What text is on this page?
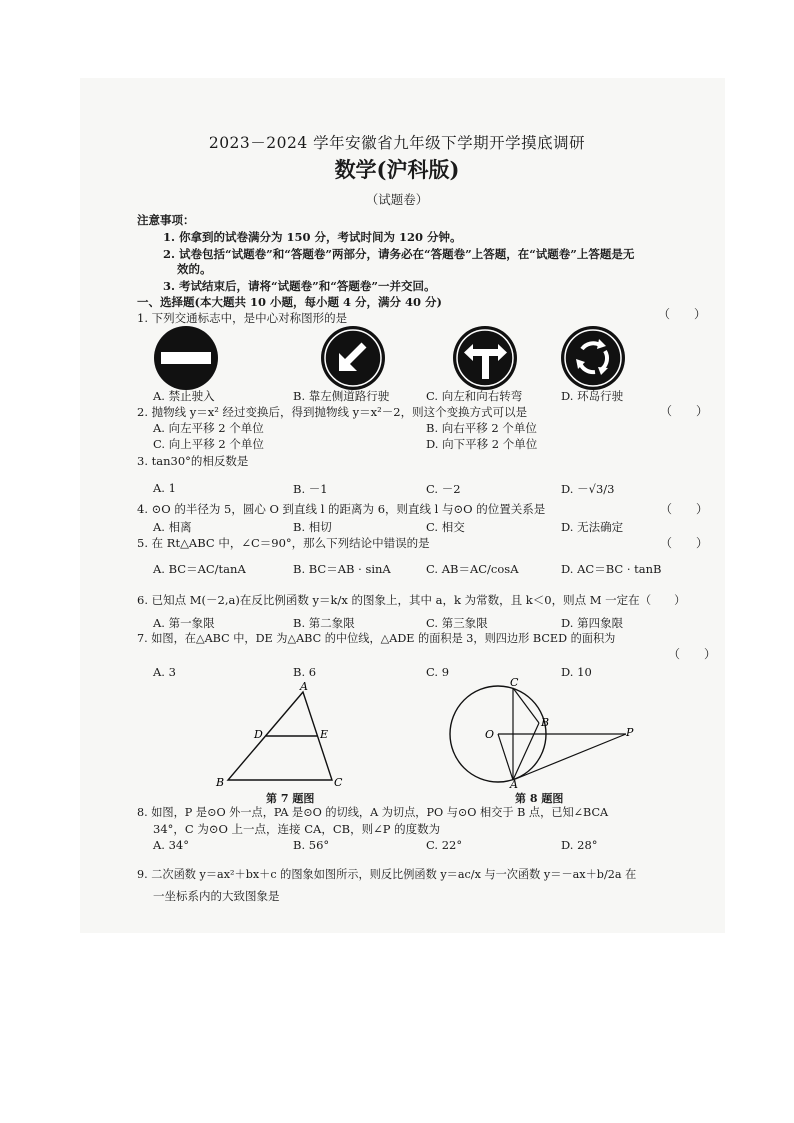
2023－2024 学年安徽省九年级下学期开学摸底调研
数学(沪科版)
（试题卷）
注意事项：
1. 你拿到的试卷满分为 150 分，考试时间为 120 分钟。
2. 试卷包括“试题卷”和“答题卷”两部分，请务必在“答题卷”上答题，在“试题卷”上答题是无
效的。
3. 考试结束后，请将“试题卷”和“答题卷”一并交回。
一、选择题(本大题共 10 小题，每小题 4 分，满分 40 分)
1. 下列交通标志中，是中心对称图形的是	（　　）
A. 禁止驶入	B. 靠左侧道路行驶	C. 向左和向右转弯	D. 环岛行驶
2. 抛物线 y＝x² 经过变换后，得到抛物线 y＝x²－2，则这个变换方式可以是	（　　）
A. 向左平移 2 个单位	B. 向右平移 2 个单位
C. 向上平移 2 个单位	D. 向下平移 2 个单位
3. tan30°的相反数是
A. 1	B. －1	C. －2	D. －√3/3
4. ⊙O 的半径为 5，圆心 O 到直线 l 的距离为 6，则直线 l 与⊙O 的位置关系是	（　　）
A. 相离	B. 相切	C. 相交	D. 无法确定
5. 在 Rt△ABC 中，∠C＝90°，那么下列结论中错误的是	（　　）
A. BC＝AC/tanA	B. BC＝AB · sinA	C. AB＝AC/cosA	D. AC＝BC · tanB
6. 已知点 M(－2,a)在反比例函数 y＝k/x 的图象上，其中 a，k 为常数，且 k＜0，则点 M 一定在（　　）
A. 第一象限	B. 第二象限	C. 第三象限	D. 第四象限
7. 如图，在△ABC 中，DE 为△ABC 的中位线，△ADE 的面积是 3，则四边形 BCED 的面积为
（　　）
A. 3	B. 6	C. 9	D. 10
A
D	E
B	C
第 7 题图
C
O
B
P
A
第 8 题图
8. 如图，P 是⊙O 外一点，PA 是⊙O 的切线，A 为切点，PO 与⊙O 相交于 B 点，已知∠BCA
34°，C 为⊙O 上一点，连接 CA，CB，则∠P 的度数为
A. 34°	B. 56°	C. 22°	D. 28°
9. 二次函数 y＝ax²＋bx＋c 的图象如图所示，则反比例函数 y＝ac/x 与一次函数 y＝－ax＋b/2a 在
一坐标系内的大致图象是
